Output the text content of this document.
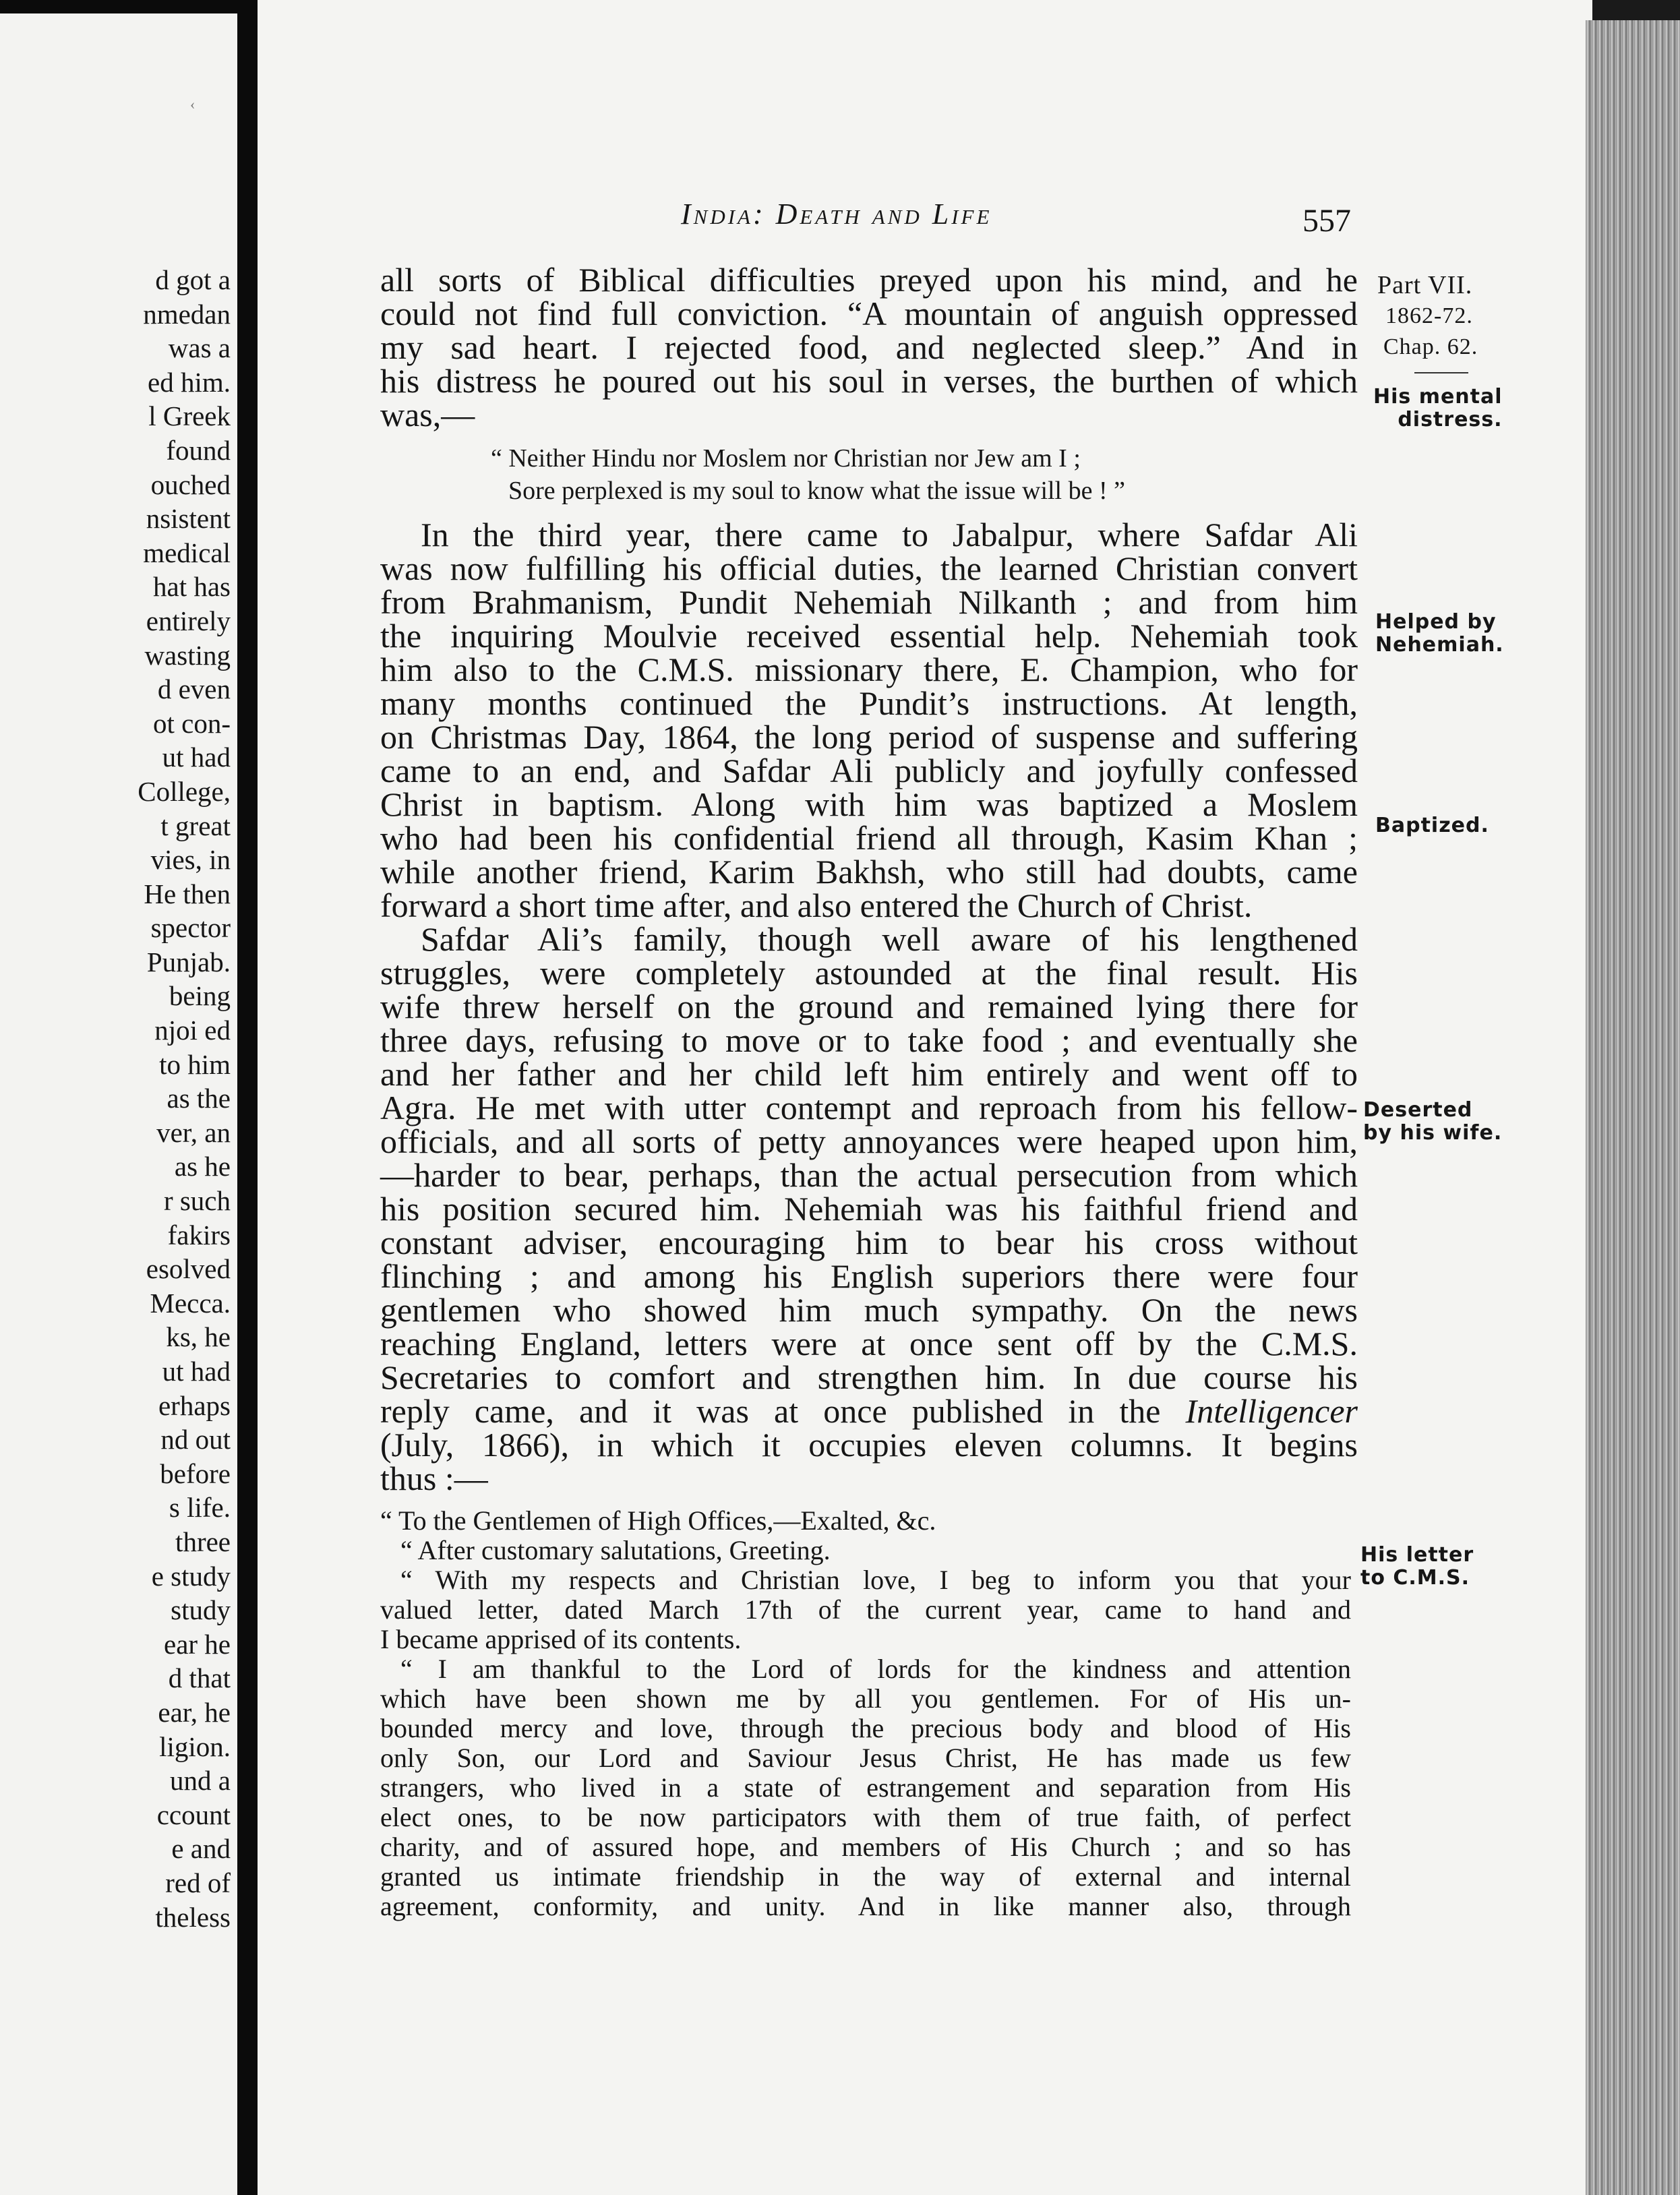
‹
d got a
nmedan
was a
ed him.
l Greek
found
ouched
nsistent
medical
hat has
entirely
wasting
d even
ot con-
ut had
College,
t great
vies, in
He then
spector
Punjab.
being
njoi ed
to him
as the
ver, an
as he
r such
fakirs
esolved
Mecca.
ks, he
ut had
erhaps
nd out
before
s life.
three
e study
study
ear he
d that
ear, he
ligion.
und a
ccount
e and
red of
theless
India: Death and Life	557
Part VII.
1862-72.
Chap. 62.
His mental
distress.
Helped by
Nehemiah.
Baptized.
Deserted
by his wife.
His letter
to C.M.S.
all sorts of Biblical difficulties preyed upon his mind, and he
could not find full conviction. “A mountain of anguish oppressed
my sad heart. I rejected food, and neglected sleep.” And in
his distress he poured out his soul in verses, the burthen of which
was,—
“ Neither Hindu nor Moslem nor Christian nor Jew am I ;
Sore perplexed is my soul to know what the issue will be ! ”
In the third year, there came to Jabalpur, where Safdar Ali
was now fulfilling his official duties, the learned Christian convert
from Brahmanism, Pundit Nehemiah Nilkanth ; and from him
the inquiring Moulvie received essential help. Nehemiah took
him also to the C.M.S. missionary there, E. Champion, who for
many months continued the Pundit’s instructions. At length,
on Christmas Day, 1864, the long period of suspense and suffering
came to an end, and Safdar Ali publicly and joyfully confessed
Christ in baptism. Along with him was baptized a Moslem
who had been his confidential friend all through, Kasim Khan ;
while another friend, Karim Bakhsh, who still had doubts, came
forward a short time after, and also entered the Church of Christ.
Safdar Ali’s family, though well aware of his lengthened
struggles, were completely astounded at the final result. His
wife threw herself on the ground and remained lying there for
three days, refusing to move or to take food ; and eventually she
and her father and her child left him entirely and went off to
Agra. He met with utter contempt and reproach from his fellow-
officials, and all sorts of petty annoyances were heaped upon him,
—harder to bear, perhaps, than the actual persecution from which
his position secured him. Nehemiah was his faithful friend and
constant adviser, encouraging him to bear his cross without
flinching ; and among his English superiors there were four
gentlemen who showed him much sympathy. On the news
reaching England, letters were at once sent off by the C.M.S.
Secretaries to comfort and strengthen him. In due course his
reply came, and it was at once published in the Intelligencer
(July, 1866), in which it occupies eleven columns. It begins
thus :—
“ To the Gentlemen of High Offices,—Exalted, &c.
“ After customary salutations, Greeting.
“ With my respects and Christian love, I beg to inform you that your
valued letter, dated March 17th of the current year, came to hand and
I became apprised of its contents.
“ I am thankful to the Lord of lords for the kindness and attention
which have been shown me by all you gentlemen. For of His un-
bounded mercy and love, through the precious body and blood of His
only Son, our Lord and Saviour Jesus Christ, He has made us few
strangers, who lived in a state of estrangement and separation from His
elect ones, to be now participators with them of true faith, of perfect
charity, and of assured hope, and members of His Church ; and so has
granted us intimate friendship in the way of external and internal
agreement, conformity, and unity. And in like manner also, through
